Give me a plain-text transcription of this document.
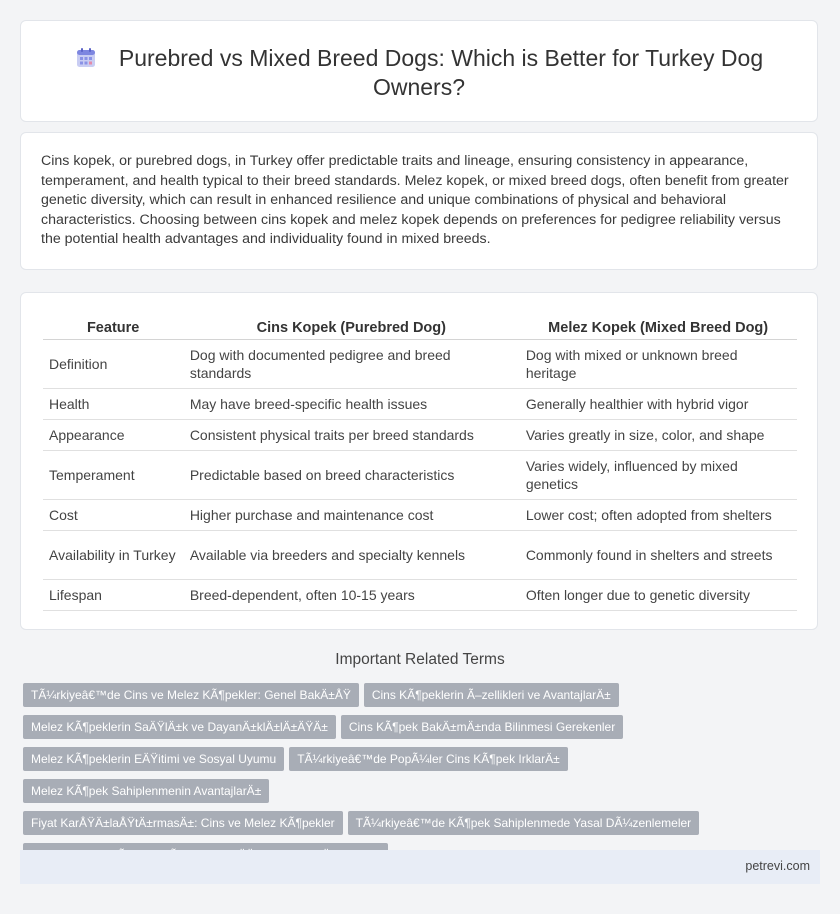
Purebred vs Mixed Breed Dogs: Which is Better for Turkey Dog Owners?

Cins kopek, or purebred dogs, in Turkey offer predictable traits and lineage, ensuring consistency in appearance, temperament, and health typical to their breed standards. Melez kopek, or mixed breed dogs, often benefit from greater genetic diversity, which can result in enhanced resilience and unique combinations of physical and behavioral characteristics. Choosing between cins kopek and melez kopek depends on preferences for pedigree reliability versus the potential health advantages and individuality found in mixed breeds.

Feature	Cins Kopek (Purebred Dog)	Melez Kopek (Mixed Breed Dog)
Definition	Dog with documented pedigree and breed standards	Dog with mixed or unknown breed heritage
Health	May have breed-specific health issues	Generally healthier with hybrid vigor
Appearance	Consistent physical traits per breed standards	Varies greatly in size, color, and shape
Temperament	Predictable based on breed characteristics	Varies widely, influenced by mixed genetics
Cost	Higher purchase and maintenance cost	Lower cost; often adopted from shelters
Availability in Turkey	Available via breeders and specialty kennels	Commonly found in shelters and streets
Lifespan	Breed-dependent, often 10-15 years	Often longer due to genetic diversity
Important Related Terms
TÃ¼rkiyeâ€™de Cins ve Melez KÃ¶pekler: Genel BakÄ±ÅŸ Cins KÃ¶peklerin Ã–zellikleri ve AvantajlarÄ±
Melez KÃ¶peklerin SaÄŸlÄ±k ve DayanÄ±klÄ±lÄ±ÄŸÄ± Cins KÃ¶pek BakÄ±mÄ±nda Bilinmesi Gerekenler
Melez KÃ¶peklerin EÄŸitimi ve Sosyal Uyumu TÃ¼rkiyeâ€™de PopÃ¼ler Cins KÃ¶pek IrklarÄ±Melez KÃ¶pek Sahiplenmenin AvantajlarÄ±
Fiyat KarÅŸÄ±laÅŸtÄ±rmasÄ±: Cins ve Melez KÃ¶pekler TÃ¼rkiyeâ€™de KÃ¶pek Sahiplenmede Yasal DÃ¼zenlemeler

petrevi.com
